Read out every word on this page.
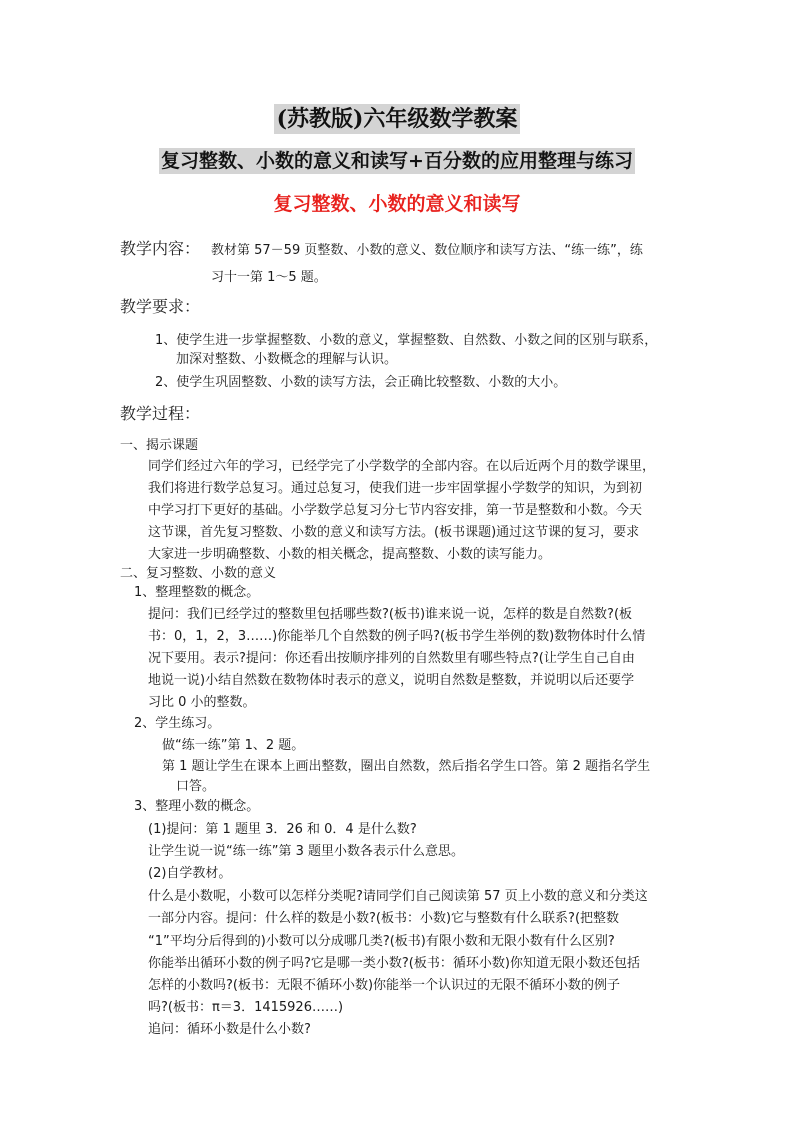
(苏教版)六年级数学教案
复习整数、小数的意义和读写+百分数的应用整理与练习
复习整数、小数的意义和读写
教学内容： 教材第 57－59 页整数、小数的意义、数位顺序和读写方法、“练一练”，练
习十一第 1～5 题。
教学要求：
1、使学生进一步掌握整数、小数的意义，掌握整数、自然数、小数之间的区别与联系，
加深对整数、小数概念的理解与认识。
2、使学生巩固整数、小数的读写方法，会正确比较整数、小数的大小。
教学过程：
一、揭示课题
同学们经过六年的学习，已经学完了小学数学的全部内容。在以后近两个月的数学课里，
我们将进行数学总复习。通过总复习，使我们进一步牢固掌握小学数学的知识，为到初
中学习打下更好的基础。小学数学总复习分七节内容安排，第一节是整数和小数。今天
这节课，首先复习整数、小数的意义和读写方法。(板书课题)通过这节课的复习，要求
大家进一步明确整数、小数的相关概念，提高整数、小数的读写能力。
二、复习整数、小数的意义
1、整理整数的概念。
提问：我们已经学过的整数里包括哪些数?(板书)谁来说一说，怎样的数是自然数?(板
书：0，1，2，3……)你能举几个自然数的例子吗?(板书学生举例的数)数物体时什么情
况下要用。表示?提问：你还看出按顺序排列的自然数里有哪些特点?(让学生自己自由
地说一说)小结自然数在数物体时表示的意义，说明自然数是整数，并说明以后还要学
习比 0 小的整数。
2、学生练习。
做“练一练”第 1、2 题。
第 1 题让学生在课本上画出整数，圈出自然数，然后指名学生口答。第 2 题指名学生
口答。
3、整理小数的概念。
(1)提问：第 1 题里 3．26 和 0．4 是什么数?
让学生说一说“练一练”第 3 题里小数各表示什么意思。
(2)自学教材。
什么是小数呢，小数可以怎样分类呢?请同学们自己阅读第 57 页上小数的意义和分类这
一部分内容。提问：什么样的数是小数?(板书：小数)它与整数有什么联系?(把整数
“1”平均分后得到的)小数可以分成哪几类?(板书)有限小数和无限小数有什么区别?
你能举出循环小数的例子吗?它是哪一类小数?(板书：循环小数)你知道无限小数还包括
怎样的小数吗?(板书：无限不循环小数)你能举一个认识过的无限不循环小数的例子
吗?(板书：π＝3．1415926……)
追问：循环小数是什么小数?
